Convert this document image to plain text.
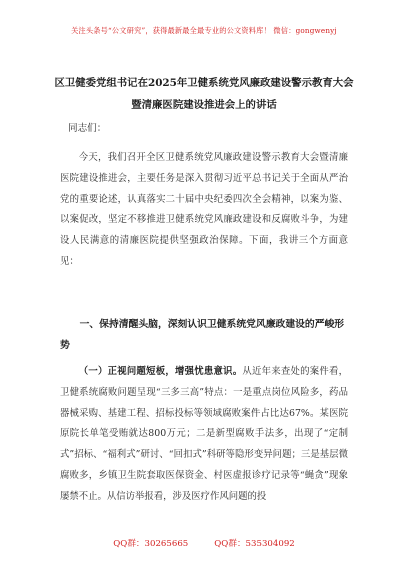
关注头条号“公文研究”，获得最新最全最专业的公文资料库！ 微信：gongwenyj
区卫健委党组书记在2025年卫健系统党风廉政建设警示教育大会暨清廉医院建设推进会上的讲话
同志们：
今天，我们召开全区卫健系统党风廉政建设警示教育大会暨清廉医院建设推进会，主要任务是深入贯彻习近平总书记关于全面从严治党的重要论述，认真落实二十届中央纪委四次全会精神，以案为鉴、以案促改，坚定不移推进卫健系统党风廉政建设和反腐败斗争，为建设人民满意的清廉医院提供坚强政治保障。下面，我讲三个方面意见：
一、保持清醒头脑，深刻认识卫健系统党风廉政建设的严峻形势
（一）正视问题短板，增强忧患意识。从近年来查处的案件看，卫健系统腐败问题呈现“三多三高”特点：一是重点岗位风险多，药品器械采购、基建工程、招标投标等领域腐败案件占比达67%。某医院原院长单笔受贿就达800万元；二是新型腐败手法多，出现了“定制式”招标、“福利式”研讨、“回扣式”科研等隐形变异问题；三是基层微腐败多，乡镇卫生院套取医保资金、村医虚报诊疗记录等“蝇贪”现象屡禁不止。从信访举报看，涉及医疗作风问题的投
QQ群：30265665	QQ群：535304092
